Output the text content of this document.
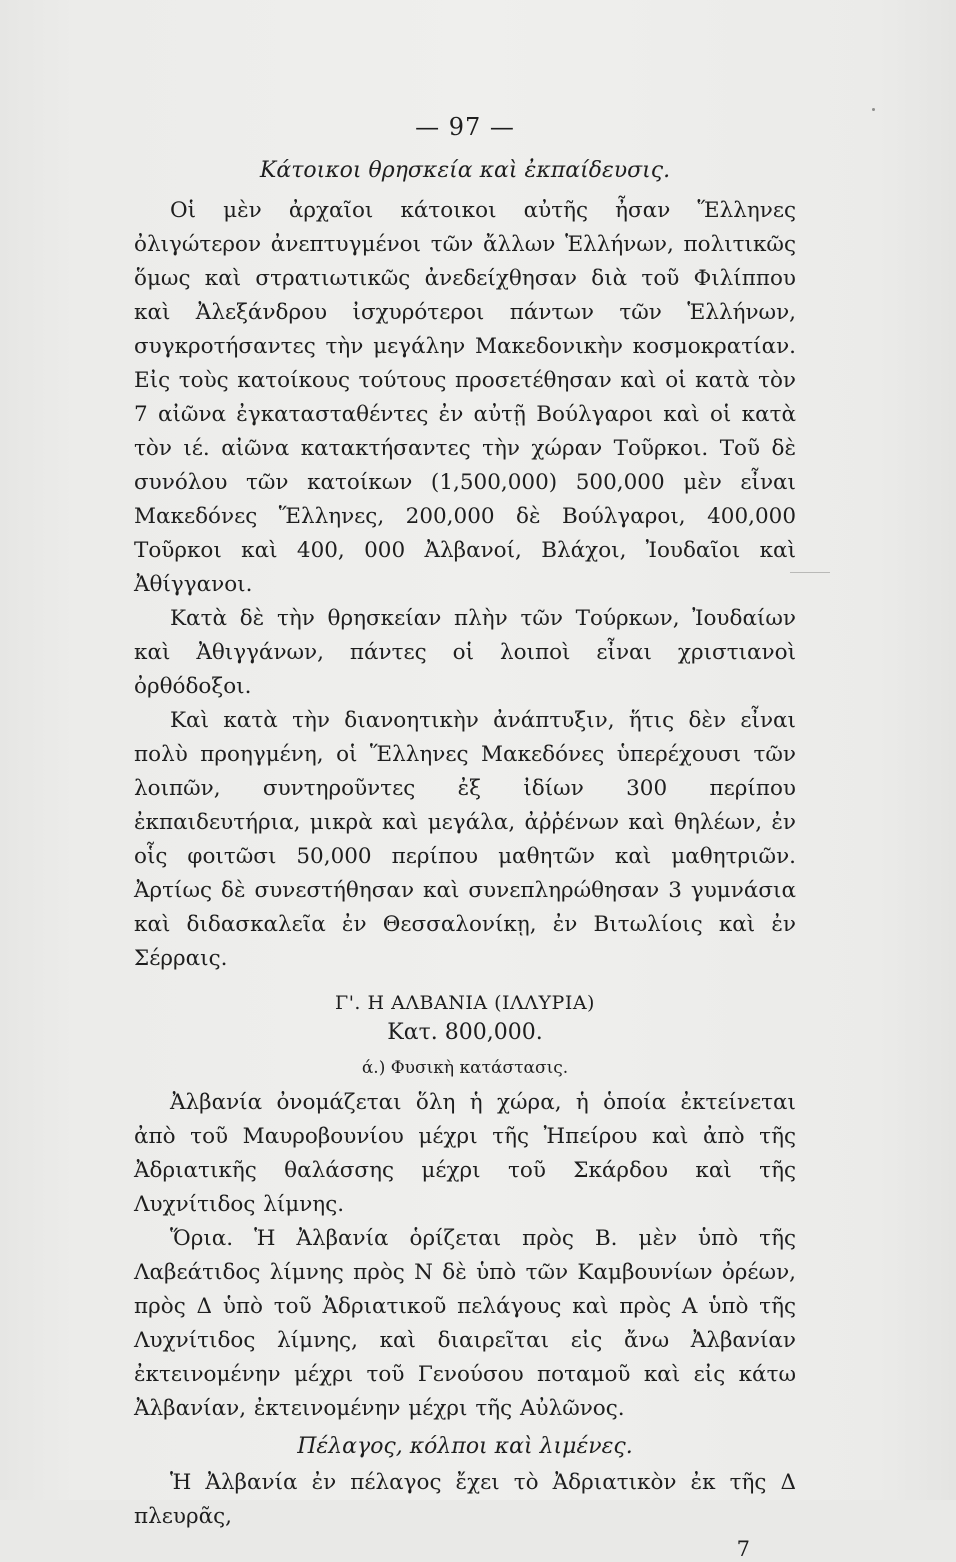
— 97 —
Κάτοικοι θρησκεία καὶ ἐκπαίδευσις.

Οἱ μὲν ἀρχαῖοι κάτοικοι αὐτῆς ἦσαν Ἕλληνες ὀλιγώτερον ἀνεπτυγμένοι τῶν ἄλλων Ἑλλήνων, πολιτικῶς ὅμως καὶ στρατιωτικῶς ἀνεδείχθησαν διὰ τοῦ Φιλίππου καὶ Ἀλεξάνδρου ἰσχυρότεροι πάντων τῶν Ἑλλήνων, συγκροτήσαντες τὴν μεγάλην Μακεδονικὴν κοσμοκρατίαν. Εἰς τοὺς κατοίκους τούτους προσετέθησαν καὶ οἱ κατὰ τὸν 7 αἰῶνα ἐγκατασταθέντες ἐν αὐτῇ Βούλγαροι καὶ οἱ κατὰ τὸν ιέ. αἰῶνα κατακτήσαντες τὴν χώραν Τοῦρκοι. Τοῦ δὲ συνόλου τῶν κατοίκων (1,500,000) 500,000 μὲν εἶναι Μακεδόνες Ἕλληνες, 200,000 δὲ Βούλγαροι, 400,000 Τοῦρκοι καὶ 400, 000 Ἀλβανοί, Βλάχοι, Ἰουδαῖοι καὶ Ἀθίγγανοι.

Κατὰ δὲ τὴν θρησκείαν πλὴν τῶν Τούρκων, Ἰουδαίων καὶ Ἀθιγγάνων, πάντες οἱ λοιποὶ εἶναι χριστιανοὶ ὀρθόδοξοι.

Καὶ κατὰ τὴν διανοητικὴν ἀνάπτυξιν, ἥτις δὲν εἶναι πολὺ προηγμένη, οἱ Ἕλληνες Μακεδόνες ὑπερέχουσι τῶν λοιπῶν, συντηροῦντες ἐξ ἰδίων 300 περίπου ἐκπαιδευτήρια, μικρὰ καὶ μεγάλα, ἀῤῥένων καὶ θηλέων, ἐν οἷς φοιτῶσι 50,000 περίπου μαθητῶν καὶ μαθητριῶν. Ἀρτίως δὲ συνεστήθησαν καὶ συνεπληρώθησαν 3 γυμνάσια καὶ διδασκαλεῖα ἐν Θεσσαλονίκῃ, ἐν Βιτωλίοις καὶ ἐν Σέρραις.

Γ'. Η ΑΛΒΑΝΙΑ (ΙΛΛΥΡΙΑ)
Κατ. 800,000.
ά.) Φυσικὴ κατάστασις.

Ἀλβανία ὀνομάζεται ὅλη ἡ χώρα, ἡ ὁποία ἐκτείνεται ἀπὸ τοῦ Μαυροβουνίου μέχρι τῆς Ἠπείρου καὶ ἀπὸ τῆς Ἀδριατικῆς θαλάσσης μέχρι τοῦ Σκάρδου καὶ τῆς Λυχνίτιδος λίμνης.

Ὅρια. Ἡ Ἀλβανία ὁρίζεται πρὸς Β. μὲν ὑπὸ τῆς Λαβεάτιδος λίμνης πρὸς Ν δὲ ὑπὸ τῶν Καμβουνίων ὀρέων, πρὸς Δ ὑπὸ τοῦ Ἀδριατικοῦ πελάγους καὶ πρὸς Α ὑπὸ τῆς Λυχνίτιδος λίμνης, καὶ διαιρεῖται εἰς ἄνω Ἀλβανίαν ἐκτεινομένην μέχρι τοῦ Γενούσου ποταμοῦ καὶ εἰς κάτω Ἀλβανίαν, ἐκτεινομένην μέχρι τῆς Αὐλῶνος.

Πέλαγος, κόλποι καὶ λιμένες.

Ἡ Ἀλβανία ἐν πέλαγος ἔχει τὸ Ἀδριατικὸν ἐκ τῆς Δ πλευρᾶς,

7
